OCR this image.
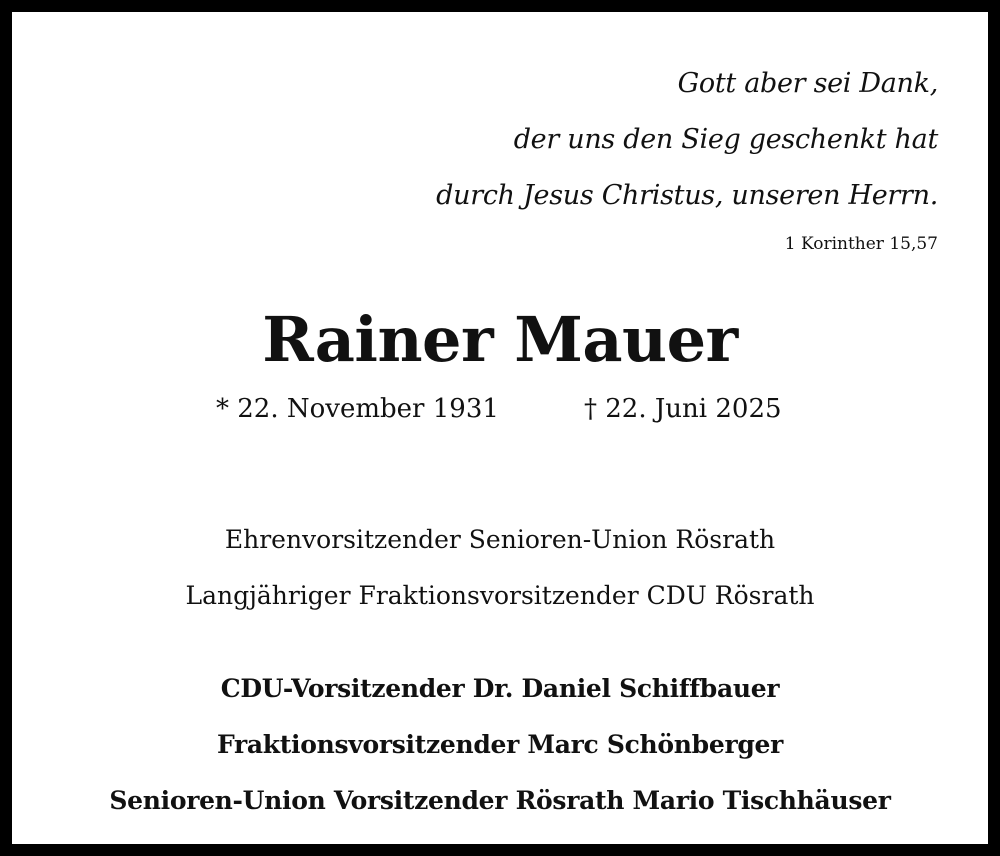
Gott aber sei Dank,
der uns den Sieg geschenkt hat
durch Jesus Christus, unseren Herrn.
1 Korinther 15,57
Rainer Mauer
* 22. November 1931	† 22. Juni 2025
Ehrenvorsitzender Senioren-Union Rösrath
Langjähriger Fraktionsvorsitzender CDU Rösrath
CDU-Vorsitzender Dr. Daniel Schiffbauer
Fraktionsvorsitzender Marc Schönberger
Senioren-Union Vorsitzender Rösrath Mario Tischhäuser
